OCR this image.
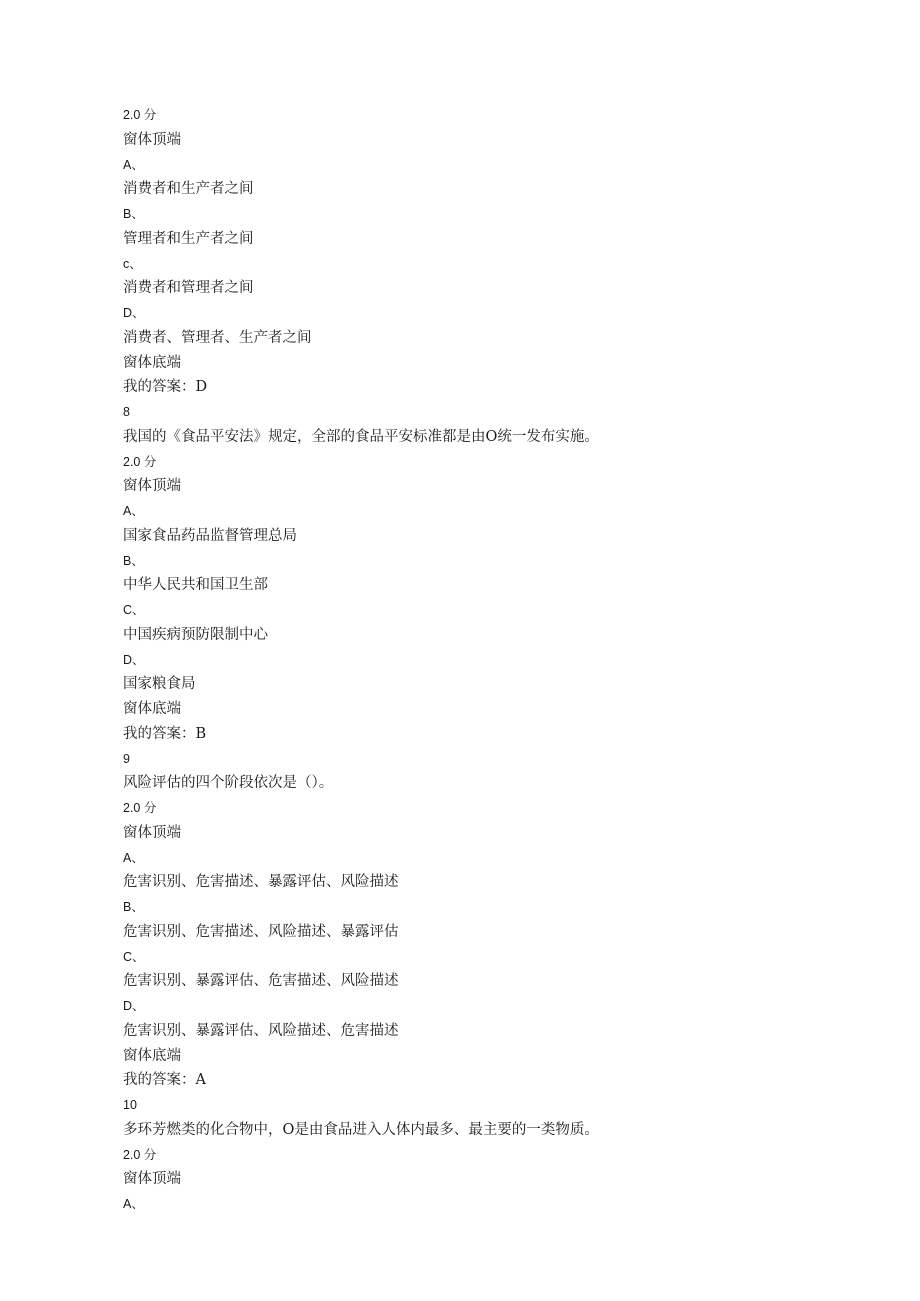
2.0 分
窗体顶端
A、
消费者和生产者之间
B、
管理者和生产者之间
c、
消费者和管理者之间
D、
消费者、管理者、生产者之间
窗体底端
我的答案：D
8
我国的《食品平安法》规定，全部的食品平安标准都是由O统一发布实施。
2.0 分
窗体顶端
A、
国家食品药品监督管理总局
B、
中华人民共和国卫生部
C、
中国疾病预防限制中心
D、
国家粮食局
窗体底端
我的答案：B
9
风险评估的四个阶段依次是（）。
2.0 分
窗体顶端
A、
危害识别、危害描述、暴露评估、风险描述
B、
危害识别、危害描述、风险描述、暴露评估
C、
危害识别、暴露评估、危害描述、风险描述
D、
危害识别、暴露评估、风险描述、危害描述
窗体底端
我的答案：A
10
多环芳燃类的化合物中，O是由食品进入人体内最多、最主要的一类物质。
2.0 分
窗体顶端
A、
